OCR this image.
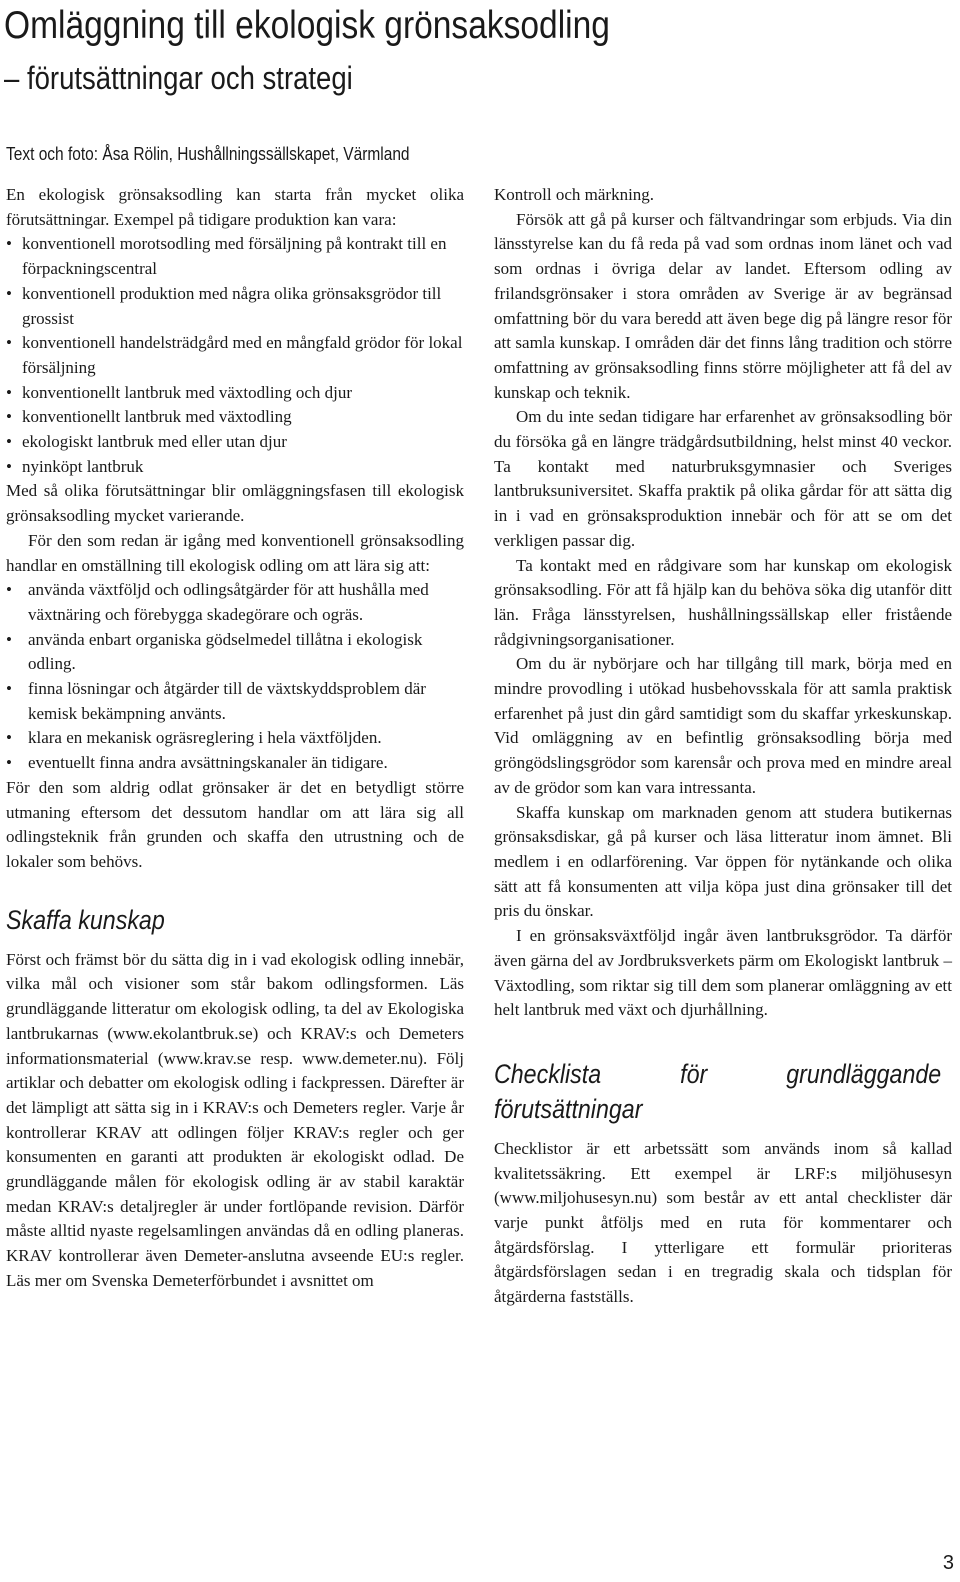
Omläggning till ekologisk grönsaksodling
– förutsättningar och strategi
Text och foto: Åsa Rölin, Hushållningssällskapet, Värmland

En ekologisk grönsaksodling kan starta från mycket olika förutsättningar. Exempel på tidigare produktion kan vara:

• konventionell morotsodling med försäljning på kontrakt till en förpackningscentral
• konventionell produktion med några olika grönsaksgrödor till grossist
• konventionell handelsträdgård med en mångfald grödor för lokal försäljning
• konventionellt lantbruk med växtodling och djur
• konventionellt lantbruk med växtodling
• ekologiskt lantbruk med eller utan djur
• nyinköpt lantbruk

Med så olika förutsättningar blir omläggningsfasen till ekologisk grönsaksodling mycket varierande.

För den som redan är igång med konventionell grönsaksodling handlar en omställning till ekologisk odling om att lära sig att:

• använda växtföljd och odlingsåtgärder för att hushålla med växtnäring och förebygga skadegörare och ogräs.
• använda enbart organiska gödselmedel tillåtna i ekologisk odling.
• finna lösningar och åtgärder till de växtskyddsproblem där kemisk bekämpning använts.
• klara en mekanisk ogräsreglering i hela växtföljden.
• eventuellt finna andra avsättningskanaler än tidigare.

För den som aldrig odlat grönsaker är det en betydligt större utmaning eftersom det dessutom handlar om att lära sig all odlingsteknik från grunden och skaffa den utrustning och de lokaler som behövs.

Skaffa kunskap

Först och främst bör du sätta dig in i vad ekologisk odling innebär, vilka mål och visioner som står bakom odlingsformen. Läs grundläggande litteratur om ekologisk odling, ta del av Ekologiska lantbrukarnas (www.ekolantbruk.se) och KRAV:s och Demeters informationsmaterial (www.krav.se resp. www.demeter.nu). Följ artiklar och debatter om ekologisk odling i fackpressen. Därefter är det lämpligt att sätta sig in i KRAV:s och Demeters regler. Varje år kontrollerar KRAV att odlingen följer KRAV:s regler och ger konsumenten en garanti att produkten är ekologiskt odlad. De grundläggande målen för ekologisk odling är av stabil karaktär medan KRAV:s detaljregler är under fortlöpande revision. Därför måste alltid nyaste regelsamlingen användas då en odling planeras. KRAV kontrollerar även Demeter-anslutna avseende EU:s regler. Läs mer om Svenska Demeterförbundet i avsnittet om

Kontroll och märkning.

Försök att gå på kurser och fältvandringar som erbjuds. Via din länsstyrelse kan du få reda på vad som ordnas inom länet och vad som ordnas i övriga delar av landet. Eftersom odling av frilandsgrönsaker i stora områden av Sverige är av begränsad omfattning bör du vara beredd att även bege dig på längre resor för att samla kunskap. I områden där det finns lång tradition och större omfattning av grönsaksodling finns större möjligheter att få del av kunskap och teknik.

Om du inte sedan tidigare har erfarenhet av grönsaksodling bör du försöka gå en längre trädgårdsutbildning, helst minst 40 veckor. Ta kontakt med naturbruksgymnasier och Sveriges lantbruksuniversitet. Skaffa praktik på olika gårdar för att sätta dig in i vad en grönsaksproduktion innebär och för att se om det verkligen passar dig.

Ta kontakt med en rådgivare som har kunskap om ekologisk grönsaksodling. För att få hjälp kan du behöva söka dig utanför ditt län. Fråga länsstyrelsen, hushållningssällskap eller fristående rådgivningsorganisationer.

Om du är nybörjare och har tillgång till mark, börja med en mindre provodling i utökad husbehovsskala för att samla praktisk erfarenhet på just din gård samtidigt som du skaffar yrkeskunskap. Vid omläggning av en befintlig grönsaksodling börja med gröngödslingsgrödor som karensår och prova med en mindre areal av de grödor som kan vara intressanta.

Skaffa kunskap om marknaden genom att studera butikernas grönsaksdiskar, gå på kurser och läsa litteratur inom ämnet. Bli medlem i en odlarförening. Var öppen för nytänkande och olika sätt att få konsumenten att vilja köpa just dina grönsaker till det pris du önskar.

I en grönsaksväxtföljd ingår även lantbruksgrödor. Ta därför även gärna del av Jordbruksverkets pärm om Ekologiskt lantbruk – Växtodling, som riktar sig till dem som planerar omläggning av ett helt lantbruk med växt och djurhållning.

Checklista för grundläggande förutsättningar

Checklistor är ett arbetssätt som används inom så kallad kvalitetssäkring. Ett exempel är LRF:s miljöhusesyn (www.miljohusesyn.nu) som består av ett antal checklister där varje punkt åtföljs med en ruta för kommentarer och åtgärdsförslag. I ytterligare ett formulär prioriteras åtgärdsförslagen sedan i en tregradig skala och tidsplan för åtgärderna fastställs.

3
